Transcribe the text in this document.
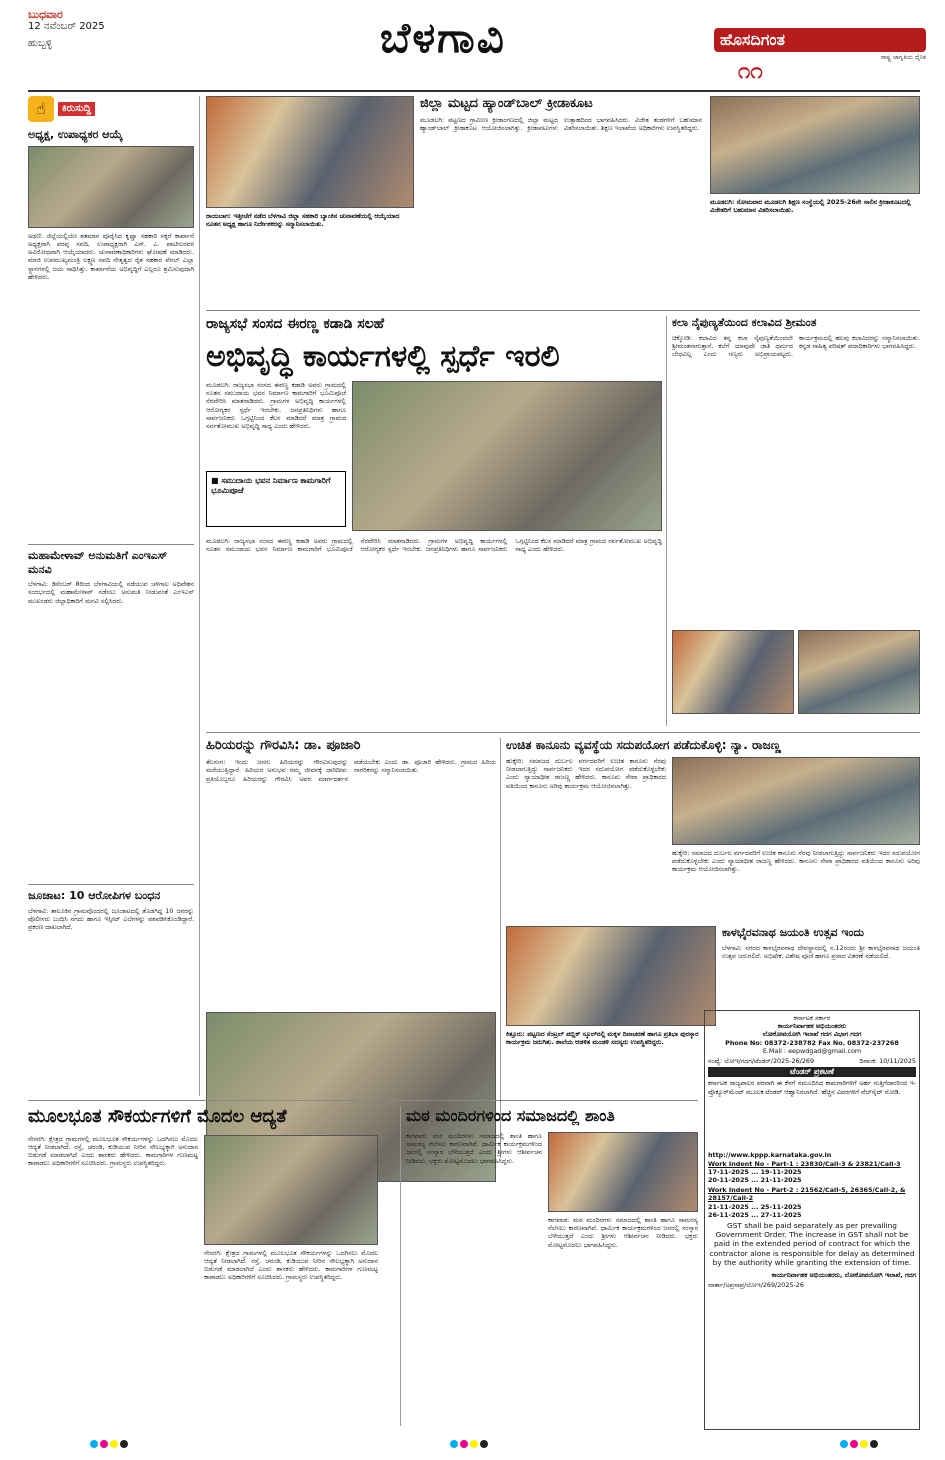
ಬುಧವಾರ
12 ನವೆಂಬರ್ 2025
ಹುಬ್ಬಳ್ಳಿ	ಬೆಳಗಾವಿ	ಹೊಸದಿಗಂತ
ರಾಷ್ಟ್ರ ಜಾಗೃತಿಯ ದೈನಿಕ
೧೧
☝	ಕಿರುಸುದ್ದಿ
ಅಧ್ಯಕ್ಷ, ಉಪಾಧ್ಯಕರ ಆಯ್ಕೆ
ಅಥಣಿ: ಜಿಲ್ಲೆಯಲ್ಲಿಯೇ ಶತಮಾನ ಪೂರೈಸಿದ ಕೃಷ್ಣಾ ಸಹಕಾರಿ ಸಕ್ಕರೆ ಕಾರ್ಖಾನೆ ಅಧ್ಯಕ್ಷರಾಗಿ ಪರಪ್ಪ ಸವದಿ, ಉಪಾಧ್ಯಕ್ಷರಾಗಿ ಎಸ್. ಎ. ಪಾಟೀಲರವರ ಅವಿರೋಧವಾಗಿ ಆಯ್ಕೆಯಾದರು. ಚುನಾವಣಾಧಿಕಾರಿಗಳು ಘೋಷಣೆ ಮಾಡಿದರು. ಮಾಜಿ ಉಪಮುಖ್ಯಮಂತ್ರಿ ಲಕ್ಷ್ಮಣ ಸವದಿ ನೇತೃತ್ವದ ರೈತ ಸಹಕಾರ ಪೆನಲ್ ಎಲ್ಲಾ ಸ್ಥಾನಗಳಲ್ಲಿ ಜಯ ಸಾಧಿಸಿತ್ತು. ಕಾರ್ಖಾನೆಯ ಅಭಿವೃದ್ಧಿಗೆ ಎಲ್ಲರೂ ಶ್ರಮಿಸುವುದಾಗಿ ಹೇಳಿದರು.
ಮಹಾಮೇಳಾವ್ ಅನುಮತಿಗೆ ಎಂಇಎಸ್ ಮನವಿ
ಬೆಳಗಾವಿ: ಡಿಸೆಂಬರ್ 8ರಿಂದ ಬೆಳಗಾವಿಯಲ್ಲಿ ನಡೆಯುವ ಚಳಿಗಾಲ ಅಧಿವೇಶನ ಸಂದರ್ಭದಲ್ಲಿ ಮಹಾಮೇಳಾವ್ ನಡೆಸಲು ಅನುಮತಿ ನೀಡುವಂತೆ ಎಂಇಎಸ್ ಮುಖಂಡರು ಜಿಲ್ಲಾಧಿಕಾರಿಗೆ ಮನವಿ ಸಲ್ಲಿಸಿದರು.
ಜೂಜಾಟ: 10 ಆರೋಪಿಗಳ ಬಂಧನ
ಬೆಳಗಾವಿ: ತಾಲೂಕಿನ ಗ್ರಾಮವೊಂದರಲ್ಲಿ ಜೂಜಾಟದಲ್ಲಿ ತೊಡಗಿದ್ದ 10 ಜನರನ್ನು ಪೊಲೀಸರು ಬಂಧಿಸಿ ನಗದು ಹಾಗೂ ಇಸ್ಪೀಟ್ ಎಲೆಗಳನ್ನು ವಶಪಡಿಸಿಕೊಂಡಿದ್ದಾರೆ. ಪ್ರಕರಣ ದಾಖಲಾಗಿದೆ.
ರಾಯಬಾಗ: ಇತ್ತೀಚೆಗೆ ನಡೆದ ಬೆಳಗಾವಿ ಜಿಲ್ಲಾ ಸಹಕಾರಿ ಬ್ಯಾಂಕಿನ ಚುನಾವಣೆಯಲ್ಲಿ ಆಯ್ಕೆಯಾದ ನೂತನ ಅಧ್ಯಕ್ಷ ಹಾಗೂ ನಿರ್ದೇಶಕರನ್ನು ಸನ್ಮಾನಿಸಲಾಯಿತು.
ಜಿಲ್ಲಾ ಮಟ್ಟದ ಹ್ಯಾಂಡ್‌ಬಾಲ್ ಕ್ರೀಡಾಕೂಟ
ಮೂಡಲಗಿ: ಪಟ್ಟಣದ ಗ್ರಾಮೀಣ ಕ್ರೀಡಾಂಗಣದಲ್ಲಿ ಜಿಲ್ಲಾ ಮಟ್ಟದ ಹ್ಯಾಂಡ್‌ಬಾಲ್ ಕ್ರೀಡಾಕೂಟ ಆಯೋಜಿಸಲಾಗಿತ್ತು. ಕ್ರೀಡಾಪಟುಗಳು ಉತ್ಸಾಹದಿಂದ ಭಾಗವಹಿಸಿದರು. ವಿಜೇತ ತಂಡಗಳಿಗೆ ಬಹುಮಾನ ವಿತರಿಸಲಾಯಿತು. ಶಿಕ್ಷಣ ಇಲಾಖೆಯ ಅಧಿಕಾರಿಗಳು ಉಪಸ್ಥಿತರಿದ್ದರು.
ಮೂಡಲಗಿ: ಸೋಮವಾರ ಮೂಡಲಗಿ ಶಿಕ್ಷಣ ಸಂಸ್ಥೆಯಲ್ಲಿ 2025-26ನೇ ಸಾಲಿನ ಕ್ರೀಡಾಕೂಟದಲ್ಲಿ ವಿಜೇತರಿಗೆ ಬಹುಮಾನ ವಿತರಿಸಲಾಯಿತು.
ರಾಜ್ಯಸಭೆ ಸಂಸದ ಈರಣ್ಣ ಕಡಾಡಿ ಸಲಹೆ
ಅಭಿವೃದ್ಧಿ ಕಾರ್ಯಗಳಲ್ಲಿ ಸ್ಪರ್ಧೆ ಇರಲಿ
ಮೂಡಲಗಿ: ರಾಜ್ಯಸಭಾ ಸಂಸದ ಈರಣ್ಣ ಕಡಾಡಿ ಅವರು ಗ್ರಾಮದಲ್ಲಿ ನೂತನ ಸಮುದಾಯ ಭವನ ನಿರ್ಮಾಣ ಕಾಮಗಾರಿಗೆ ಭೂಮಿಪೂಜೆ ನೆರವೇರಿಸಿ ಮಾತನಾಡಿದರು. ಗ್ರಾಮಗಳ ಅಭಿವೃದ್ಧಿ ಕಾರ್ಯಗಳಲ್ಲಿ ಆರೋಗ್ಯಕರ ಸ್ಪರ್ಧೆ ಇರಬೇಕು. ಜನಪ್ರತಿನಿಧಿಗಳು ಹಾಗೂ ಸಾರ್ವಜನಿಕರು ಒಗ್ಗಟ್ಟಿನಿಂದ ಕೆಲಸ ಮಾಡಿದರೆ ಮಾತ್ರ ಗ್ರಾಮದ ಸರ್ವತೋಮುಖ ಅಭಿವೃದ್ಧಿ ಸಾಧ್ಯ ಎಂದು ಹೇಳಿದರು.
■ ಸಮುದಾಯ ಭವನ ನಿರ್ಮಾಣ ಕಾಮಗಾರಿಗೆ ಭೂಮಿಪೂಜೆ
ಮೂಡಲಗಿ: ರಾಜ್ಯಸಭಾ ಸಂಸದ ಈರಣ್ಣ ಕಡಾಡಿ ಅವರು ಗ್ರಾಮದಲ್ಲಿ ನೂತನ ಸಮುದಾಯ ಭವನ ನಿರ್ಮಾಣ ಕಾಮಗಾರಿಗೆ ಭೂಮಿಪೂಜೆ ನೆರವೇರಿಸಿ ಮಾತನಾಡಿದರು. ಗ್ರಾಮಗಳ ಅಭಿವೃದ್ಧಿ ಕಾರ್ಯಗಳಲ್ಲಿ ಆರೋಗ್ಯಕರ ಸ್ಪರ್ಧೆ ಇರಬೇಕು. ಜನಪ್ರತಿನಿಧಿಗಳು ಹಾಗೂ ಸಾರ್ವಜನಿಕರು ಒಗ್ಗಟ್ಟಿನಿಂದ ಕೆಲಸ ಮಾಡಿದರೆ ಮಾತ್ರ ಗ್ರಾಮದ ಸರ್ವತೋಮುಖ ಅಭಿವೃದ್ಧಿ ಸಾಧ್ಯ ಎಂದು ಹೇಳಿದರು.
ಕಲಾ ನೈಪುಣ್ಯತೆಯಿಂದ ಕಲಾವಿದ ಶ್ರೀಮಂತ
ಚಿಕ್ಕೋಡಿ: ಕಲಾವಿದ ತನ್ನ ಕಲಾ ನೈಪುಣ್ಯತೆಯಿಂದಲೇ ಶ್ರೀಮಂತನಾಗುತ್ತಾನೆ. ಕಲೆಗೆ ಯಾವುದೇ ಜಾತಿ ಧರ್ಮದ ಬೇಧವಿಲ್ಲ ಎಂದು ಗಣ್ಯರು ಅಭಿಪ್ರಾಯಪಟ್ಟರು. ಕಾರ್ಯಕ್ರಮದಲ್ಲಿ ಹಲವು ಕಲಾವಿದರನ್ನು ಸನ್ಮಾನಿಸಲಾಯಿತು. ಕನ್ನಡ ಸಾಹಿತ್ಯ ಪರಿಷತ್ ಪದಾಧಿಕಾರಿಗಳು ಭಾಗವಹಿಸಿದ್ದರು.
ಹಿರಿಯರನ್ನು ಗೌರವಿಸಿ: ಡಾ. ಪೂಜಾರಿ
ತೆಲಸಂಗ: ಇಂದು ಜನರು ಹಿರಿಯರನ್ನು ಗೌರವಿಸುವುದನ್ನು ಮರೆಯುತ್ತಿದ್ದಾರೆ. ಹಿರಿಯರ ಅನುಭವ ನಮ್ಮ ಜೀವನಕ್ಕೆ ದಾರಿದೀಪ. ಪ್ರತಿಯೊಬ್ಬರೂ ಹಿರಿಯರನ್ನು ಗೌರವಿಸಿ ಅವರ ಮಾರ್ಗದರ್ಶನ ಪಡೆಯಬೇಕು ಎಂದು ಡಾ. ಪೂಜಾರಿ ಹೇಳಿದರು. ಗ್ರಾಮದ ಹಿರಿಯ ನಾಗರಿಕರನ್ನು ಸನ್ಮಾನಿಸಲಾಯಿತು.
ಉಚಿತ ಕಾನೂನು ವ್ಯವಸ್ಥೆಯ ಸದುಪಯೋಗ ಪಡೆದುಕೊಳ್ಳಿ: ನ್ಯಾ. ರಾಜಣ್ಣ
ಹುಕ್ಕೇರಿ: ಸಮಾಜದ ದುರ್ಬಲ ವರ್ಗದವರಿಗೆ ಉಚಿತ ಕಾನೂನು ನೆರವು ನೀಡಲಾಗುತ್ತಿದ್ದು ಸಾರ್ವಜನಿಕರು ಇದರ ಸದುಪಯೋಗ ಪಡೆದುಕೊಳ್ಳಬೇಕು ಎಂದು ನ್ಯಾಯಾಧೀಶ ರಾಜಣ್ಣ ಹೇಳಿದರು. ಕಾನೂನು ಸೇವಾ ಪ್ರಾಧಿಕಾರದ ವತಿಯಿಂದ ಕಾನೂನು ಅರಿವು ಕಾರ್ಯಕ್ರಮ ಆಯೋಜಿಸಲಾಗಿತ್ತು.
ಹುಕ್ಕೇರಿ: ಸಮಾಜದ ದುರ್ಬಲ ವರ್ಗದವರಿಗೆ ಉಚಿತ ಕಾನೂನು ನೆರವು ನೀಡಲಾಗುತ್ತಿದ್ದು ಸಾರ್ವಜನಿಕರು ಇದರ ಸದುಪಯೋಗ ಪಡೆದುಕೊಳ್ಳಬೇಕು ಎಂದು ನ್ಯಾಯಾಧೀಶ ರಾಜಣ್ಣ ಹೇಳಿದರು. ಕಾನೂನು ಸೇವಾ ಪ್ರಾಧಿಕಾರದ ವತಿಯಿಂದ ಕಾನೂನು ಅರಿವು ಕಾರ್ಯಕ್ರಮ ಆಯೋಜಿಸಲಾಗಿತ್ತು.
ಕಿತ್ತೂರು: ಪಟ್ಟಣದ ಸೆಂಟ್ರಲ್ ಪಬ್ಲಿಕ್ ಸ್ಕೂಲ್‌ನಲ್ಲಿ ಮಕ್ಕಳ ದಿನಾಚರಣೆ ಹಾಗೂ ಪ್ರತಿಭಾ ಪುರಸ್ಕಾರ ಕಾರ್ಯಕ್ರಮ ಜರುಗಿತು. ಶಾಲೆಯ ಆಡಳಿತ ಮಂಡಳಿ ಸದಸ್ಯರು ಉಪಸ್ಥಿತರಿದ್ದರು.
ಕಾಳಭೈರವನಾಥ ಜಯಂತಿ ಉತ್ಸವ ಇಂದು
ಬೆಳಗಾವಿ: ನಗರದ ಕಾಳಭೈರವನಾಥ ದೇವಸ್ಥಾನದಲ್ಲಿ ನ.12ರಂದು ಶ್ರೀ ಕಾಳಭೈರವನಾಥ ಜಯಂತಿ ಉತ್ಸವ ಜರುಗಲಿದೆ. ಅಭಿಷೇಕ, ವಿಶೇಷ ಪೂಜೆ ಹಾಗೂ ಪ್ರಸಾದ ವಿತರಣೆ ನಡೆಯಲಿದೆ.
ಕರ್ನಾಟಕ ಸರ್ಕಾರ
ಕಾರ್ಯನಿರ್ವಾಹಕ ಅಭಿಯಂತರರು
ಲೋಕೋಪಯೋಗಿ ಇಲಾಖೆ ಗದಗ ವಿಭಾಗ ಗದಗ
Phone No: 08372-238782 Fax No. 08372-237268
E.Mail : eepwdgad@gmail.com
ಸಂಖ್ಯೆ: ಲೋಇ/ಗದಗ/ಟೆಂಡರ್/2025-26/269	ದಿನಾಂಕ: 10/11/2025
ಟೆಂಡರ್ ಪ್ರಕಟಣೆ
ಕರ್ನಾಟಕ ರಾಜ್ಯಪಾಲರ ಪರವಾಗಿ ಈ ಕೆಳಗೆ ನಮೂದಿಸಿದ ಕಾಮಗಾರಿಗಳಿಗೆ ಅರ್ಹ ಗುತ್ತಿಗೆದಾರರಿಂದ ಇ-ಪ್ರೊಕ್ಯೂರ್‌ಮೆಂಟ್ ಮೂಲಕ ಟೆಂಡರ್ ಆಹ್ವಾನಿಸಲಾಗಿದೆ. ಹೆಚ್ಚಿನ ವಿವರಗಳಿಗೆ ವೆಬ್‌ಸೈಟ್ ನೋಡಿ.
http://www.kppp.karnataka.gov.in
Work Indent No - Part-1 : 23830/Call-3 & 23821/Call-3
17-11-2025 ... 19-11-2025
20-11-2025 ... 21-11-2025
Work Indent No - Part-2 : 21562/Call-5, 26365/Call-2, & 28157/Call-2
21-11-2025 ... 25-11-2025
26-11-2025 ... 27-11-2025
GST shall be paid separately as per prevailing Government Order. The increase in GST shall not be paid in the extended period of contract for which the contractor alone is responsible for delay as determined by the authority while granting the extension of time.
ಕಾರ್ಯನಿರ್ವಾಹಕ ಅಭಿಯಂತರರು, ಲೋಕೋಪಯೋಗಿ ಇಲಾಖೆ, ಗದಗ
ವಾರ್ತಾ/ಅಪ್ರಸಾಪ್ರ/ಲೋಇ/269/2025-26
ಮೂಲಭೂತ ಸೌಕರ್ಯಗಳಿಗೆ ಮೊದಲ ಆದ್ಯತೆ
ನೇಸರಗಿ: ಕ್ಷೇತ್ರದ ಗ್ರಾಮಗಳಲ್ಲಿ ಮೂಲಭೂತ ಸೌಕರ್ಯಗಳನ್ನು ಒದಗಿಸಲು ಮೊದಲ ಆದ್ಯತೆ ನೀಡಲಾಗಿದೆ. ರಸ್ತೆ, ಚರಂಡಿ, ಕುಡಿಯುವ ನೀರಿನ ಸೌಲಭ್ಯಕ್ಕಾಗಿ ಅನುದಾನ ಬಿಡುಗಡೆ ಮಾಡಲಾಗಿದೆ ಎಂದು ಶಾಸಕರು ಹೇಳಿದರು. ಕಾಮಗಾರಿಗಳ ಗುಣಮಟ್ಟ ಕಾಪಾಡಲು ಅಧಿಕಾರಿಗಳಿಗೆ ಸೂಚಿಸಿದರು. ಗ್ರಾಮಸ್ಥರು ಉಪಸ್ಥಿತರಿದ್ದರು.
ನೇಸರಗಿ: ಕ್ಷೇತ್ರದ ಗ್ರಾಮಗಳಲ್ಲಿ ಮೂಲಭೂತ ಸೌಕರ್ಯಗಳನ್ನು ಒದಗಿಸಲು ಮೊದಲ ಆದ್ಯತೆ ನೀಡಲಾಗಿದೆ. ರಸ್ತೆ, ಚರಂಡಿ, ಕುಡಿಯುವ ನೀರಿನ ಸೌಲಭ್ಯಕ್ಕಾಗಿ ಅನುದಾನ ಬಿಡುಗಡೆ ಮಾಡಲಾಗಿದೆ ಎಂದು ಶಾಸಕರು ಹೇಳಿದರು. ಕಾಮಗಾರಿಗಳ ಗುಣಮಟ್ಟ ಕಾಪಾಡಲು ಅಧಿಕಾರಿಗಳಿಗೆ ಸೂಚಿಸಿದರು. ಗ್ರಾಮಸ್ಥರು ಉಪಸ್ಥಿತರಿದ್ದರು.
ಮಠ ಮಂದಿರಗಳಿಂದ ಸಮಾಜದಲ್ಲಿ ಶಾಂತಿ
ಕಾಗವಾಡ: ಮಠ ಮಂದಿರಗಳು ಸಮಾಜದಲ್ಲಿ ಶಾಂತಿ ಹಾಗೂ ಸಾಮರಸ್ಯ ನೆಲೆಸಲು ಕಾರಣವಾಗಿವೆ. ಧಾರ್ಮಿಕ ಕಾರ್ಯಕ್ರಮಗಳಿಂದ ಜನರಲ್ಲಿ ಸಂಸ್ಕಾರ ಬೆಳೆಯುತ್ತದೆ ಎಂದು ಶ್ರೀಗಳು ಆಶೀರ್ವಚನ ನೀಡಿದರು. ಭಕ್ತರು ಮೋಟ್ಟಮೊದಲು ಭಾಗವಹಿಸಿದ್ದರು.
ಕಾಗವಾಡ: ಮಠ ಮಂದಿರಗಳು ಸಮಾಜದಲ್ಲಿ ಶಾಂತಿ ಹಾಗೂ ಸಾಮರಸ್ಯ ನೆಲೆಸಲು ಕಾರಣವಾಗಿವೆ. ಧಾರ್ಮಿಕ ಕಾರ್ಯಕ್ರಮಗಳಿಂದ ಜನರಲ್ಲಿ ಸಂಸ್ಕಾರ ಬೆಳೆಯುತ್ತದೆ ಎಂದು ಶ್ರೀಗಳು ಆಶೀರ್ವಚನ ನೀಡಿದರು. ಭಕ್ತರು ಮೋಟ್ಟಮೊದಲು ಭಾಗವಹಿಸಿದ್ದರು.
